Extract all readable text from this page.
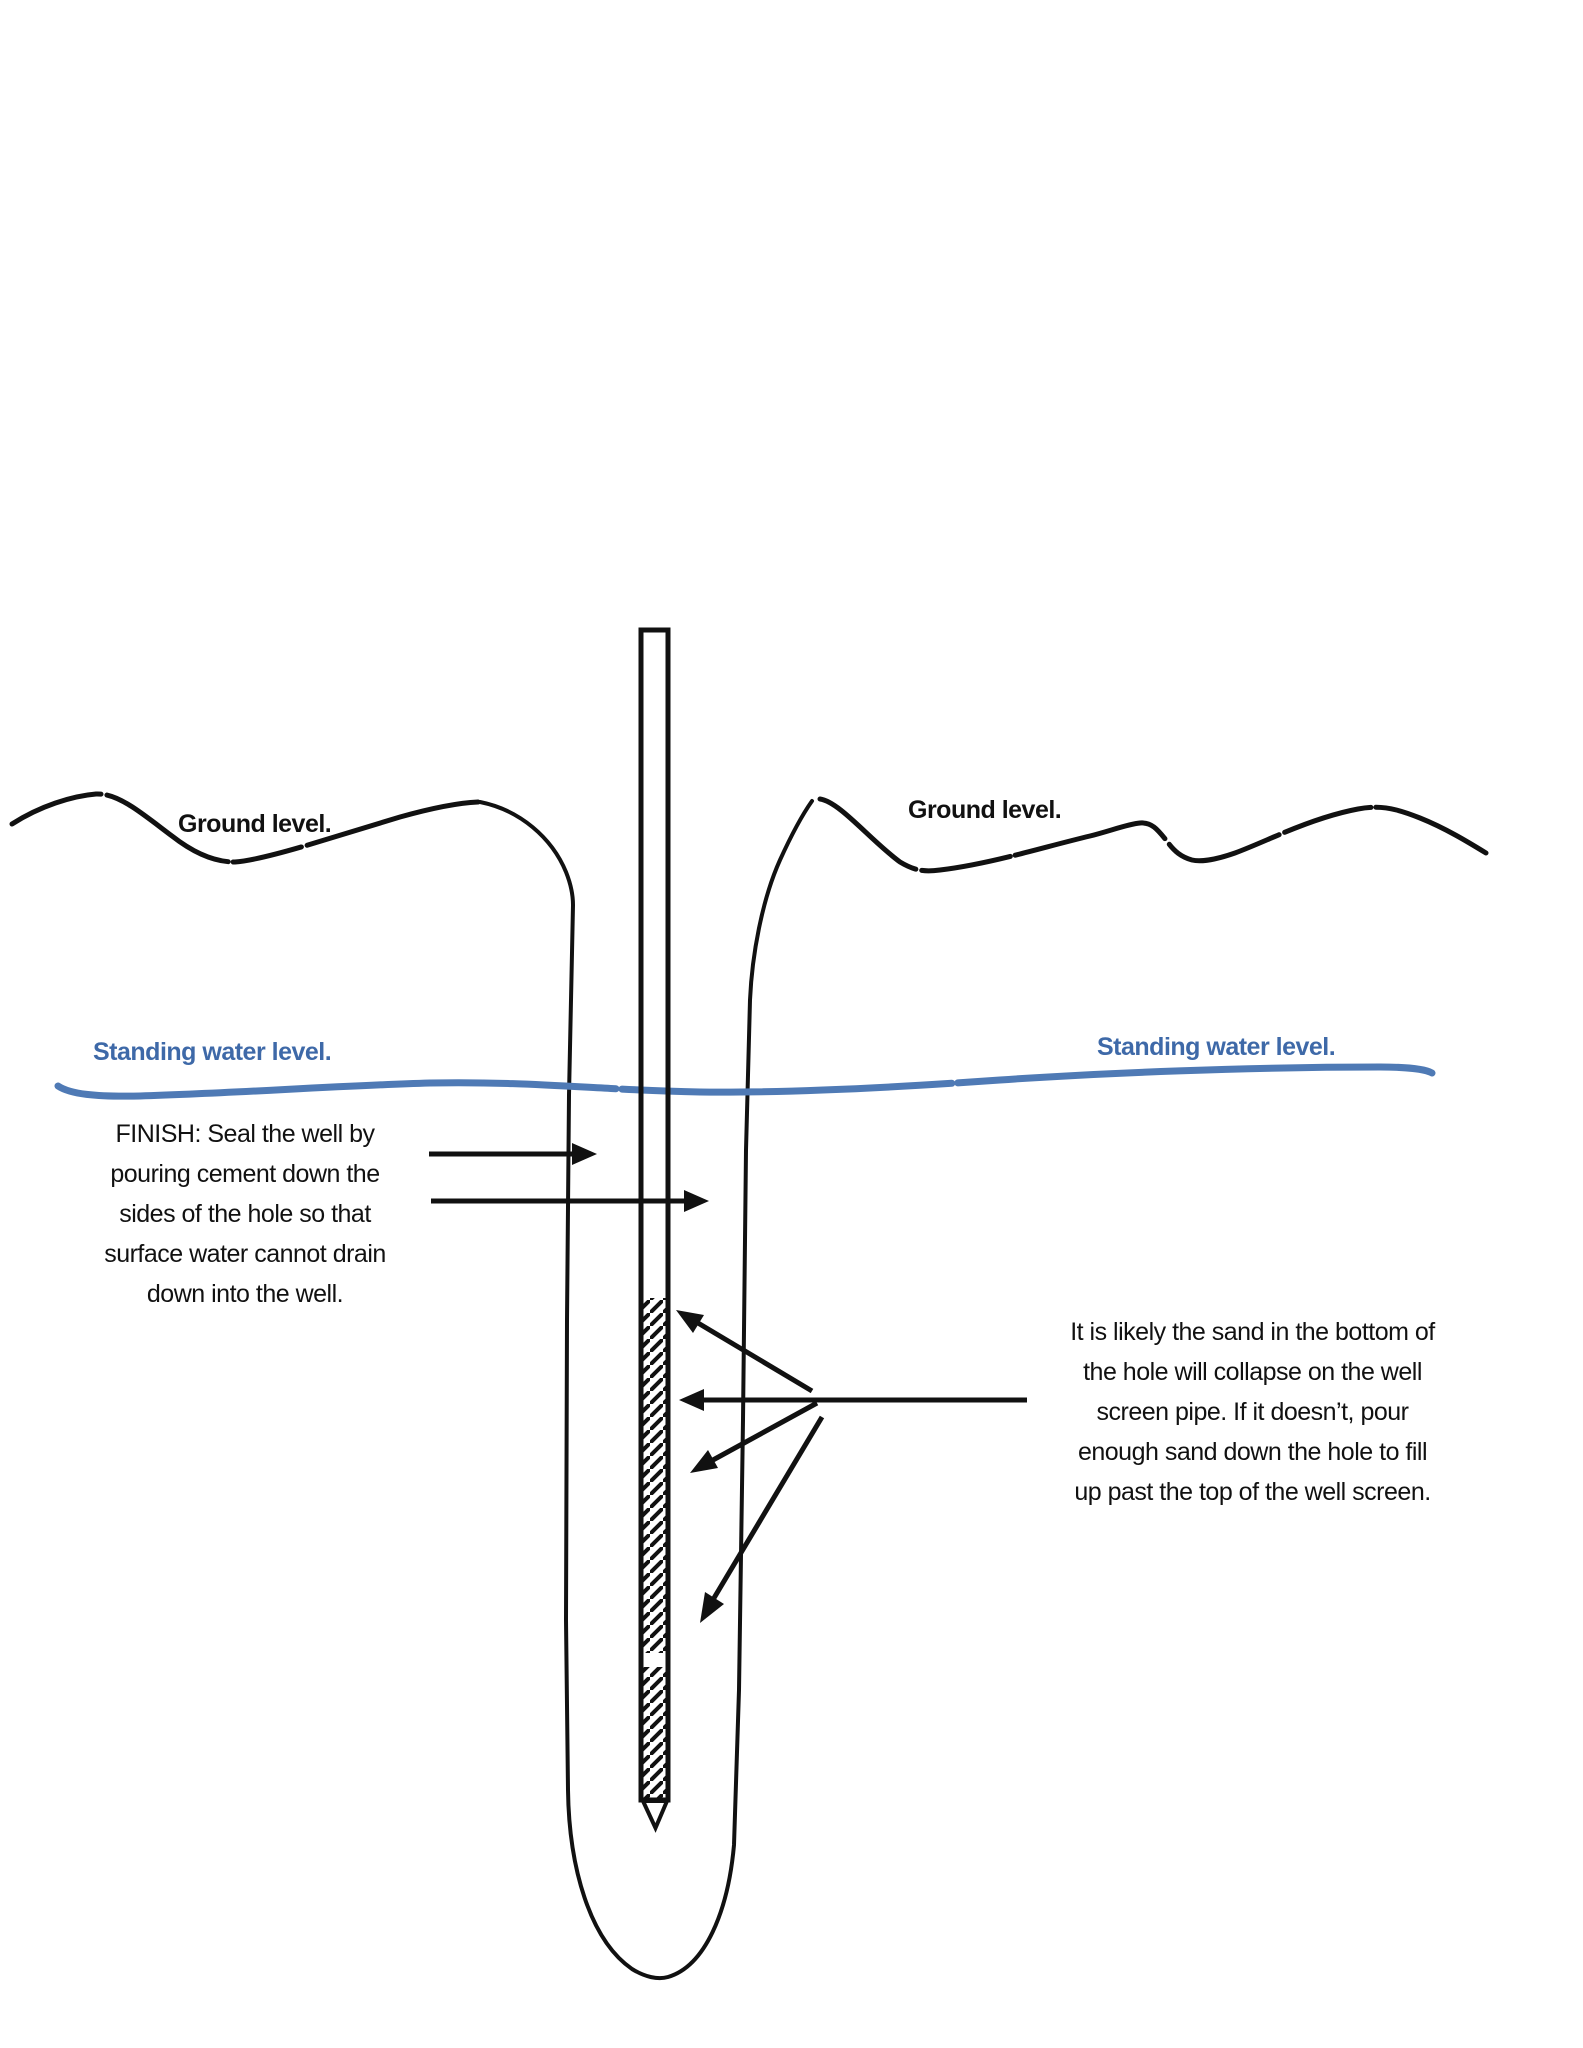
Ground level.	Ground level.
Standing water level.	Standing water level.
FINISH: Seal the well by
pouring cement down the
sides of the hole so that
surface water cannot drain
down into the well.
It is likely the sand in the bottom of
the hole will collapse on the well
screen pipe. If it doesn’t, pour
enough sand down the hole to fill
up past the top of the well screen.
